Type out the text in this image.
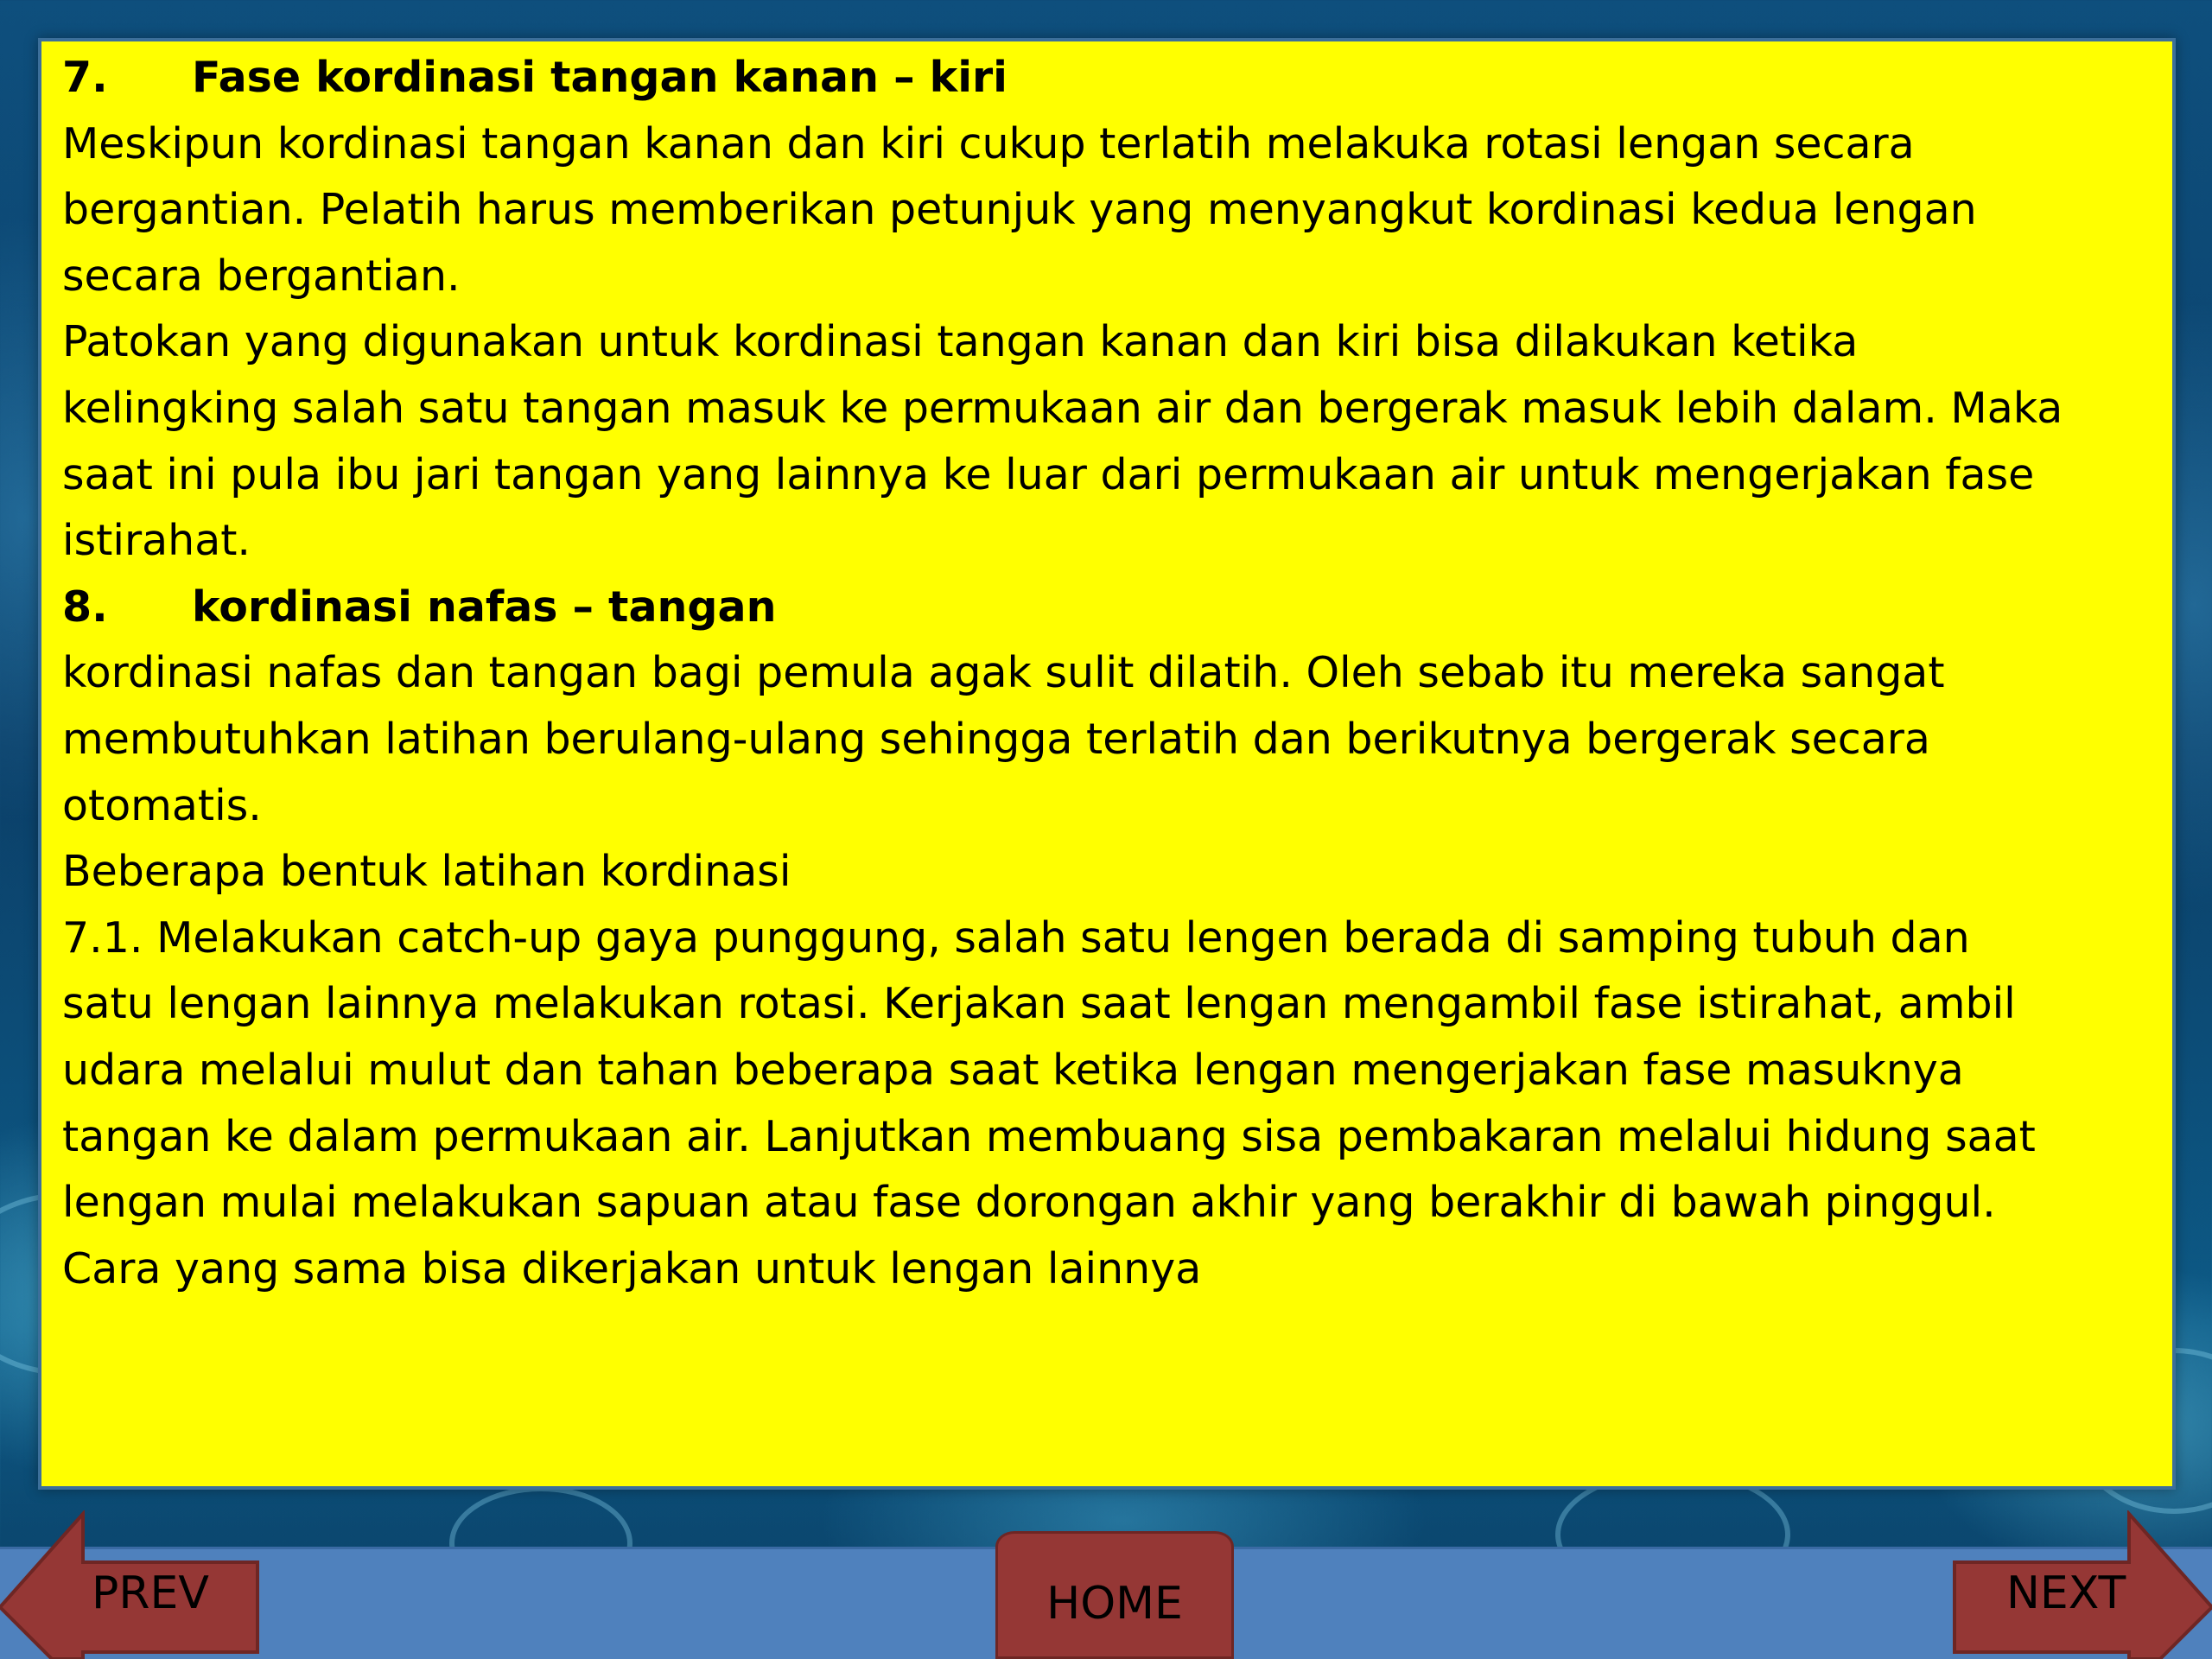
7. Fase kordinasi tangan kanan – kiri
Meskipun kordinasi tangan kanan dan kiri cukup terlatih melakuka rotasi lengan secara
bergantian. Pelatih harus memberikan petunjuk yang menyangkut kordinasi kedua lengan
secara bergantian.
Patokan yang digunakan untuk kordinasi tangan kanan dan kiri bisa dilakukan ketika
kelingking salah satu tangan masuk ke permukaan air dan bergerak masuk lebih dalam. Maka
saat ini pula ibu jari tangan yang lainnya ke luar dari permukaan air untuk mengerjakan fase
istirahat.
8. kordinasi nafas – tangan
kordinasi nafas dan tangan bagi pemula agak sulit dilatih. Oleh sebab itu mereka sangat
membutuhkan latihan berulang-ulang sehingga terlatih dan berikutnya bergerak secara
otomatis.
Beberapa bentuk latihan kordinasi
7.1. Melakukan catch-up gaya punggung, salah satu lengen berada di samping tubuh dan
satu lengan lainnya melakukan rotasi. Kerjakan saat lengan mengambil fase istirahat, ambil
udara melalui mulut dan tahan beberapa saat ketika lengan mengerjakan fase masuknya
tangan ke dalam permukaan air. Lanjutkan membuang sisa pembakaran melalui hidung saat
lengan mulai melakukan sapuan atau fase dorongan akhir yang berakhir di bawah pinggul.
Cara yang sama bisa dikerjakan untuk lengan lainnya
PREV	HOME	NEXT
